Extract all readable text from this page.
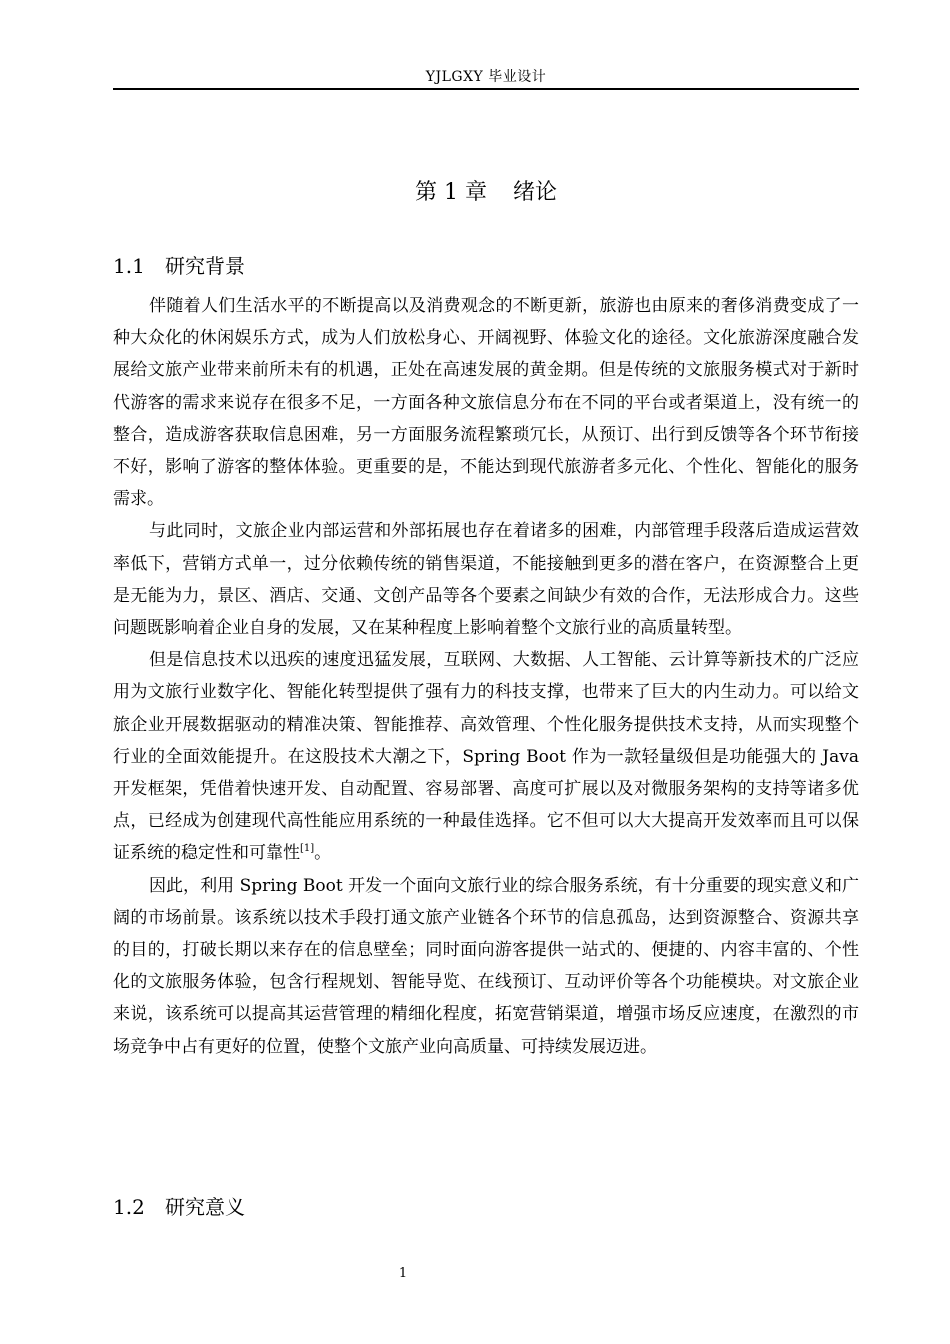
YJLGXY 毕业设计
第 1 章 绪论
1.1 研究背景

伴随着人们生活水平的不断提高以及消费观念的不断更新，旅游也由原来的奢侈消费变成了一种大众化的休闲娱乐方式，成为人们放松身心、开阔视野、体验文化的途径。文化旅游深度融合发展给文旅产业带来前所未有的机遇，正处在高速发展的黄金期。但是传统的文旅服务模式对于新时代游客的需求来说存在很多不足，一方面各种文旅信息分布在不同的平台或者渠道上，没有统一的整合，造成游客获取信息困难，另一方面服务流程繁琐冗长，从预订、出行到反馈等各个环节衔接不好，影响了游客的整体体验。更重要的是，不能达到现代旅游者多元化、个性化、智能化的服务需求。

与此同时，文旅企业内部运营和外部拓展也存在着诸多的困难，内部管理手段落后造成运营效率低下，营销方式单一，过分依赖传统的销售渠道，不能接触到更多的潜在客户，在资源整合上更是无能为力，景区、酒店、交通、文创产品等各个要素之间缺少有效的合作，无法形成合力。这些问题既影响着企业自身的发展，又在某种程度上影响着整个文旅行业的高质量转型。

但是信息技术以迅疾的速度迅猛发展，互联网、大数据、人工智能、云计算等新技术的广泛应用为文旅行业数字化、智能化转型提供了强有力的科技支撑，也带来了巨大的内生动力。可以给文旅企业开展数据驱动的精准决策、智能推荐、高效管理、个性化服务提供技术支持，从而实现整个行业的全面效能提升。在这股技术大潮之下，Spring Boot 作为一款轻量级但是功能强大的 Java 开发框架，凭借着快速开发、自动配置、容易部署、高度可扩展以及对微服务架构的支持等诸多优点，已经成为创建现代高性能应用系统的一种最佳选择。它不但可以大大提高开发效率而且可以保证系统的稳定性和可靠性[1]。

因此，利用 Spring Boot 开发一个面向文旅行业的综合服务系统，有十分重要的现实意义和广阔的市场前景。该系统以技术手段打通文旅产业链各个环节的信息孤岛，达到资源整合、资源共享的目的，打破长期以来存在的信息壁垒；同时面向游客提供一站式的、便捷的、内容丰富的、个性化的文旅服务体验，包含行程规划、智能导览、在线预订、互动评价等各个功能模块。对文旅企业来说，该系统可以提高其运营管理的精细化程度，拓宽营销渠道，增强市场反应速度，在激烈的市场竞争中占有更好的位置，使整个文旅产业向高质量、可持续发展迈进。

1.2 研究意义
1
